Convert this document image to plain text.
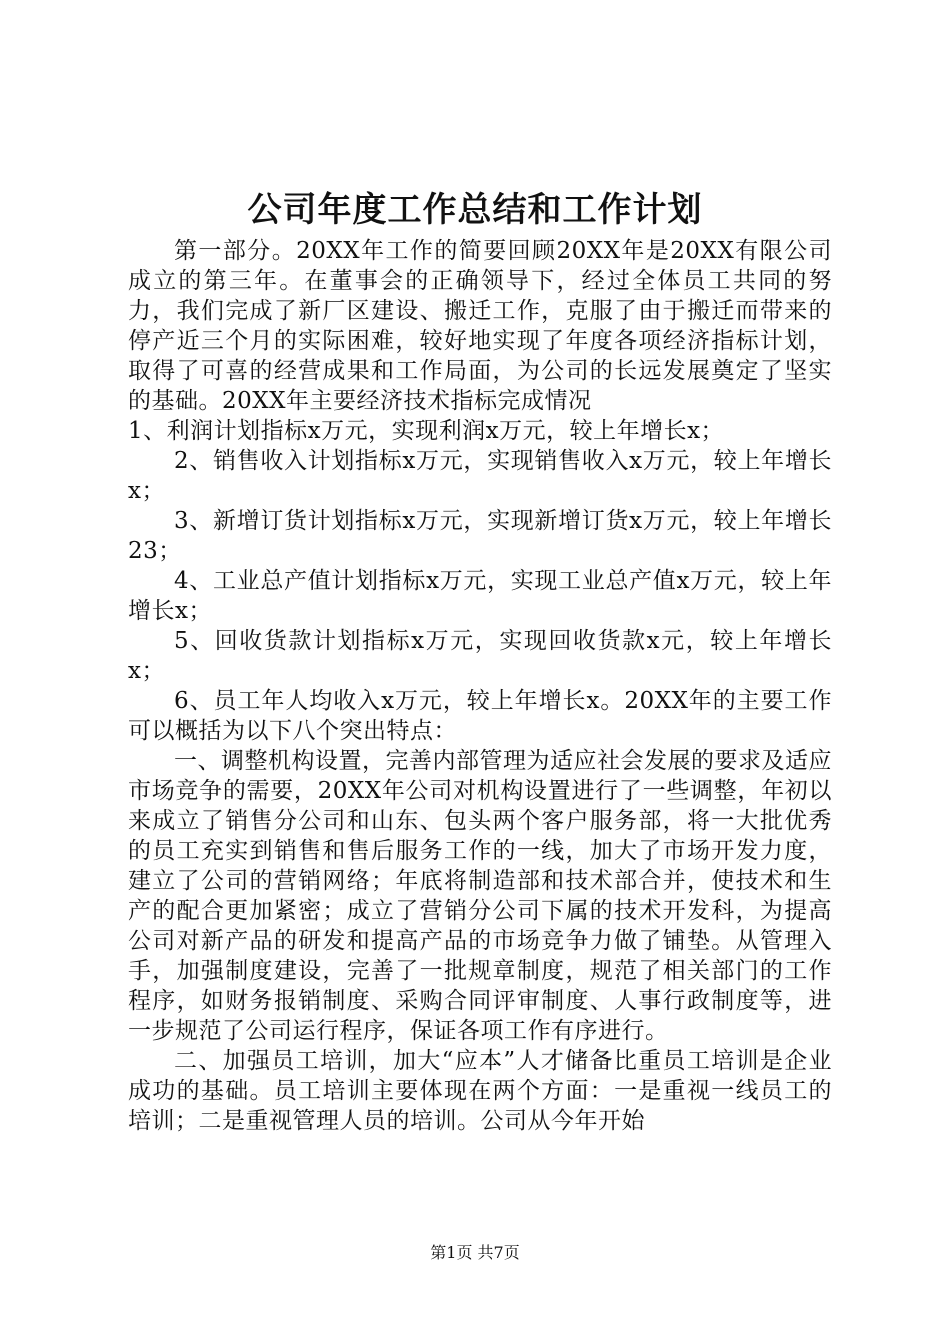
公司年度工作总结和工作计划

第一部分。20XX年工作的简要回顾20XX年是20XX有限公司成立的第三年。在董事会的正确领导下，经过全体员工共同的努力，我们完成了新厂区建设、搬迁工作，克服了由于搬迁而带来的停产近三个月的实际困难，较好地实现了年度各项经济指标计划，取得了可喜的经营成果和工作局面，为公司的长远发展奠定了坚实的基础。20XX年主要经济技术指标完成情况

1、利润计划指标x万元，实现利润x万元，较上年增长x；

2、销售收入计划指标x万元，实现销售收入x万元，较上年增长x；

3、新增订货计划指标x万元，实现新增订货x万元，较上年增长23；

4、工业总产值计划指标x万元，实现工业总产值x万元，较上年增长x；

5、回收货款计划指标x万元，实现回收货款x元，较上年增长x；

6、员工年人均收入x万元，较上年增长x。20XX年的主要工作可以概括为以下八个突出特点：

一、调整机构设置，完善内部管理为适应社会发展的要求及适应市场竞争的需要，20XX年公司对机构设置进行了一些调整，年初以来成立了销售分公司和山东、包头两个客户服务部，将一大批优秀的员工充实到销售和售后服务工作的一线，加大了市场开发力度，建立了公司的营销网络；年底将制造部和技术部合并，使技术和生产的配合更加紧密；成立了营销分公司下属的技术开发科，为提高公司对新产品的研发和提高产品的市场竞争力做了铺垫。从管理入手，加强制度建设，完善了一批规章制度，规范了相关部门的工作程序，如财务报销制度、采购合同评审制度、人事行政制度等，进一步规范了公司运行程序，保证各项工作有序进行。

二、加强员工培训，加大“应本”人才储备比重员工培训是企业成功的基础。员工培训主要体现在两个方面：一是重视一线员工的培训；二是重视管理人员的培训。公司从今年开始

第1页 共7页
